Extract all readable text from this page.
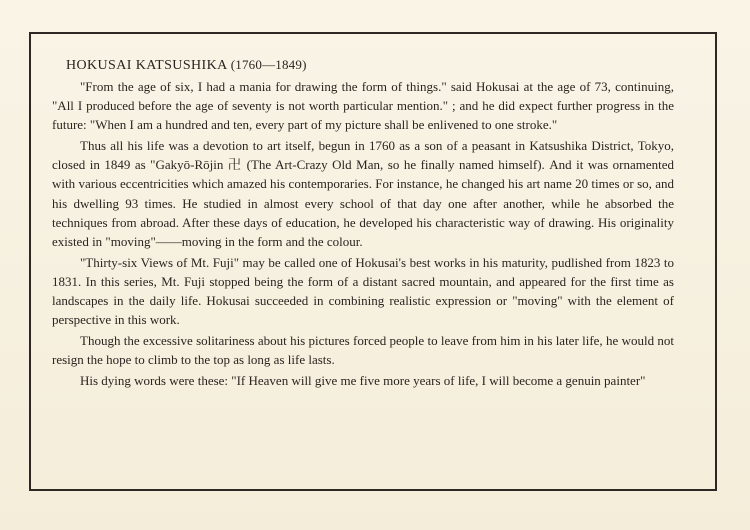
HOKUSAI KATSUSHIKA (1760—1849)

"From the age of six, I had a mania for drawing the form of things." said Hokusai at the age of 73, continuing, "All I produced before the age of seventy is not worth particular mention." ; and he did expect further progress in the future: "When I am a hundred and ten, every part of my picture shall be enlivened to one stroke."

Thus all his life was a devotion to art itself, begun in 1760 as a son of a peasant in Katsushika District, Tokyo, closed in 1849 as "Gakyō-Rōjin 卍 (The Art-Crazy Old Man, so he finally named himself). And it was ornamented with various eccentricities which amazed his contemporaries. For instance, he changed his art name 20 times or so, and his dwelling 93 times. He studied in almost every school of that day one after another, while he absorbed the techniques from abroad. After these days of education, he developed his characteristic way of drawing. His originality existed in "moving"——moving in the form and the colour.

"Thirty-six Views of Mt. Fuji" may be called one of Hokusai's best works in his maturity, pudlished from 1823 to 1831. In this series, Mt. Fuji stopped being the form of a distant sacred mountain, and appeared for the first time as landscapes in the daily life. Hokusai succeeded in combining realistic expression or "moving" with the element of perspective in this work.

Though the excessive solitariness about his pictures forced people to leave from him in his later life, he would not resign the hope to climb to the top as long as life lasts.

His dying words were these: "If Heaven will give me five more years of life, I will become a genuin painter"
